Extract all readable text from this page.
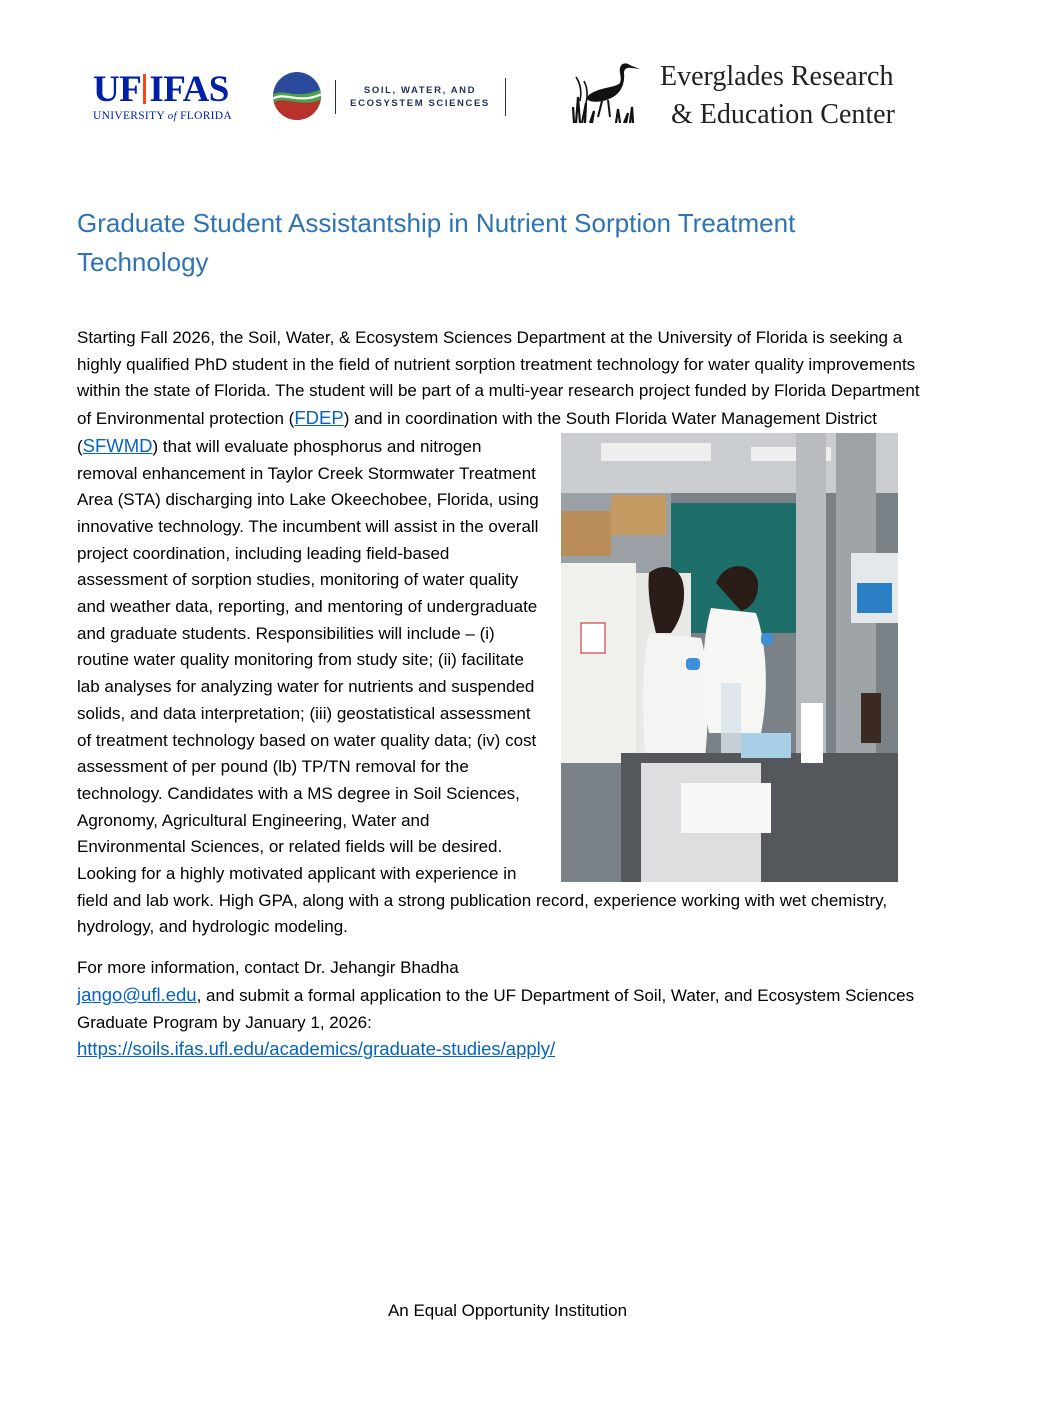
UF IFAS
UNIVERSITY of FLORIDA
SOIL, WATER, AND
ECOSYSTEM SCIENCES
Everglades Research
& Education Center
Graduate Student Assistantship in Nutrient Sorption Treatment Technology

Starting Fall 2026, the Soil, Water, & Ecosystem Sciences Department at the University of Florida is seeking a highly qualified PhD student in the field of nutrient sorption treatment technology for water quality improvements within the state of Florida. The student will be part of a multi-year research project funded by Florida Department of Environmental protection (FDEP) and in coordination with the South Florida Water Management District (SFWMD
) that will evaluate phosphorus and nitrogen removal enhancement in Taylor Creek Stormwater Treatment Area (STA) discharging into Lake Okeechobee, Florida, using innovative technology. The incumbent will assist in the overall project coordination, including leading field-based assessment of sorption studies, monitoring of water quality and weather data, reporting, and mentoring of undergraduate and graduate students. Responsibilities will include – (i) routine water quality monitoring from study site; (ii) facilitate lab analyses for analyzing water for nutrients and suspended solids, and data interpretation; (iii) geostatistical assessment of treatment technology based on water quality data; (iv) cost assessment of per pound (lb) TP/TN removal for the technology. Candidates with a MS degree in Soil Sciences, Agronomy, Agricultural Engineering, Water and Environmental Sciences, or related fields will be desired. Looking for a highly motivated applicant with experience in field and lab work. High GPA, along with a strong publication record, experience working with wet chemistry, hydrology, and hydrologic modeling.

For more information, contact Dr. Jehangir Bhadha
jango@ufl.edu, and submit a formal application to the UF Department of Soil, Water, and Ecosystem Sciences Graduate Program by January 1, 2026:
https://soils.ifas.ufl.edu/academics/graduate-studies/apply/

An Equal Opportunity Institution
